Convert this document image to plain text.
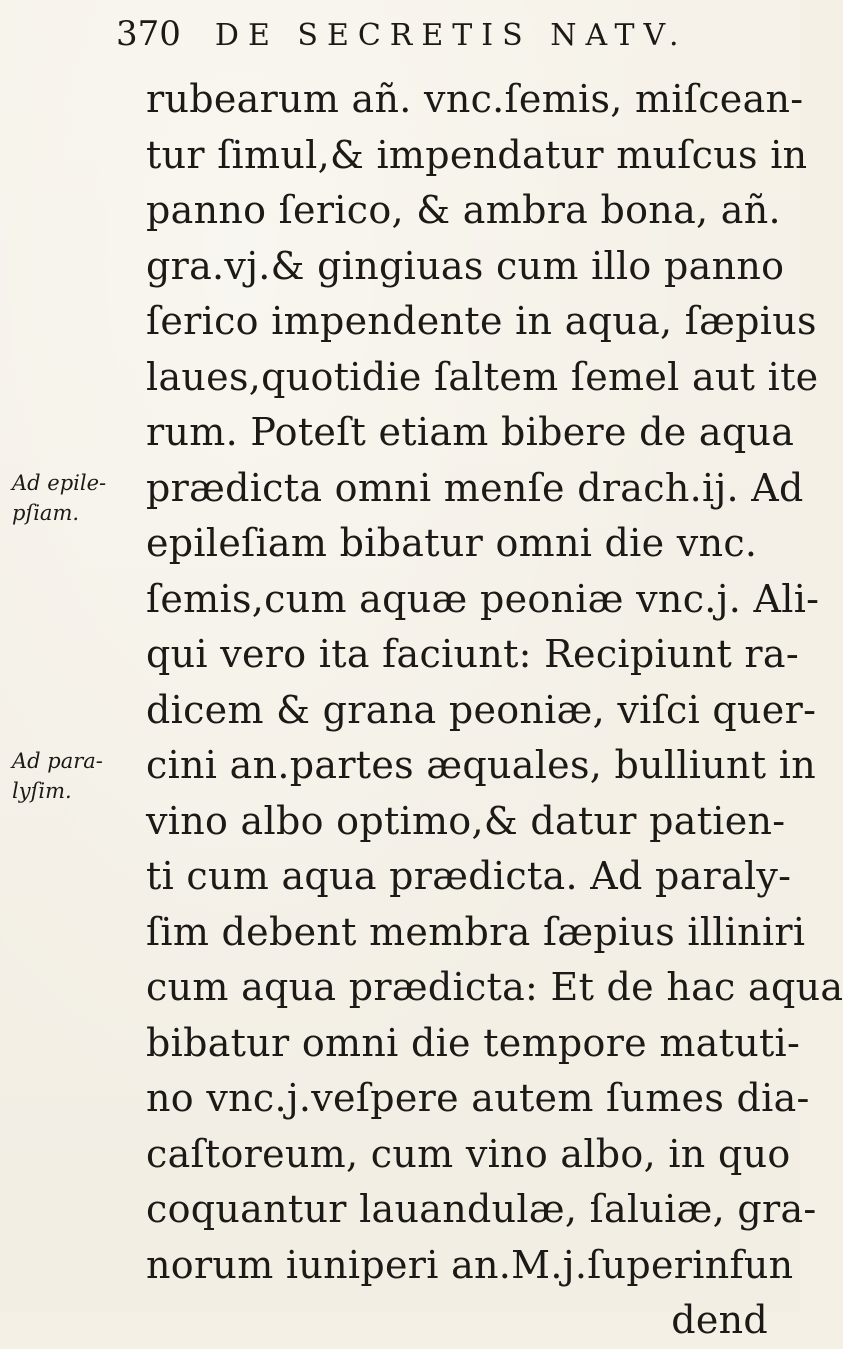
370 DE SECRETIS NATV.
rubearum añ. vnc.ſemis, miſcean-
tur ſimul,& impendatur muſcus in
panno ſerico, & ambra bona, añ.
gra.vj.& gingiuas cum illo panno
ſerico impendente in aqua, ſæpius
laues,quotidie ſaltem ſemel aut ite
rum. Poteſt etiam bibere de aqua
prædicta omni menſe drach.ij. Ad
epileſiam bibatur omni die vnc.
ſemis,cum aquæ peoniæ vnc.j. Ali-
qui vero ita faciunt: Recipiunt ra-
dicem & grana peoniæ, viſci quer-
cini an.partes æquales, bulliunt in
vino albo optimo,& datur patien-
ti cum aqua prædicta. Ad paraly-
ſim debent membra ſæpius illiniri
cum aqua prædicta: Et de hac aqua
bibatur omni die tempore matuti-
no vnc.j.veſpere autem ſumes dia-
caſtoreum, cum vino albo, in quo
coquantur lauandulæ, ſaluiæ, gra-
norum iuniperi an.M.j.ſuperinfun
dend
Ad epile-
pſiam.
Ad para-
lyſim.
